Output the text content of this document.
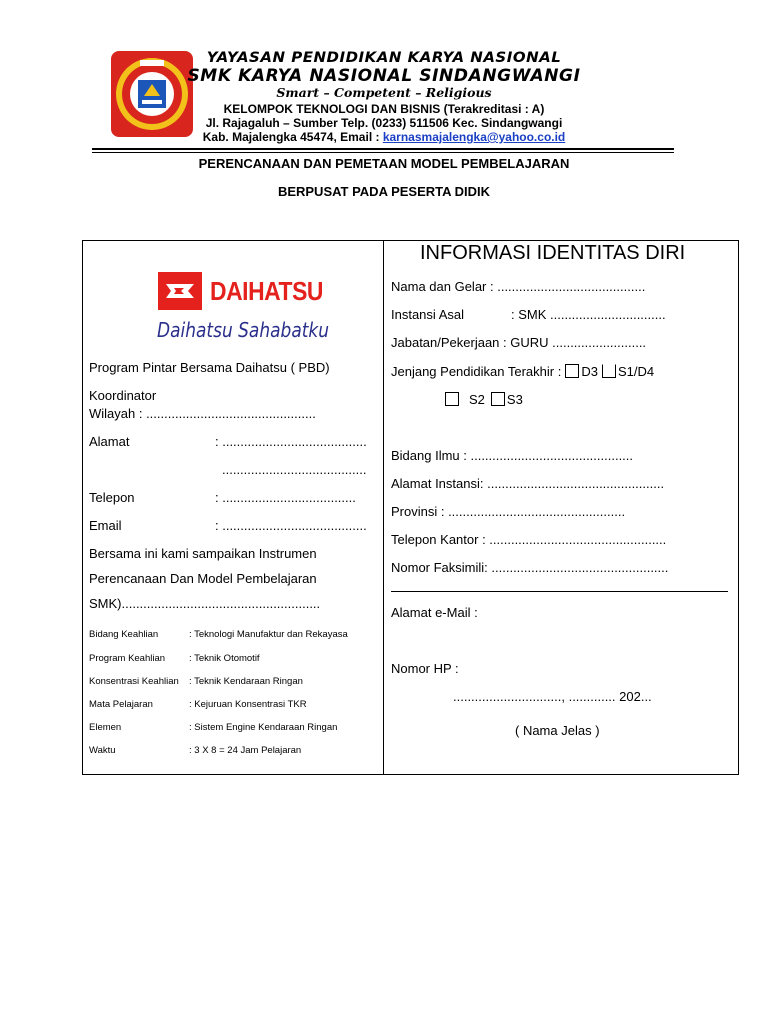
YAYASAN PENDIDIKAN KARYA NASIONAL
SMK KARYA NASIONAL SINDANGWANGI
Smart – Competent – Religious
KELOMPOK TEKNOLOGI DAN BISNIS (Terakreditasi : A)
Jl. Rajagaluh – Sumber Telp. (0233) 511506 Kec. Sindangwangi
Kab. Majalengka 45474, Email : karnasmajalengka@yahoo.co.id
PERENCANAAN DAN PEMETAAN MODEL PEMBELAJARAN
BERPUSAT PADA PESERTA DIDIK
DAIHATSU
Daihatsu Sahabatku
Program Pintar Bersama Daihatsu ( PBD)
Koordinator
Wilayah : ...............................................
Alamat	: ........................................
........................................
Telepon	: .....................................
Email	: ........................................
Bersama ini kami sampaikan Instrumen
Perencanaan Dan Model Pembelajaran
SMK).......................................................
Bidang Keahlian	: Teknologi Manufaktur dan Rekayasa
Program Keahlian	: Teknik Otomotif
Konsentrasi Keahlian : Teknik Kendaraan Ringan
Mata Pelajaran	: Kejuruan Konsentrasi TKR
Elemen	: Sistem Engine Kendaraan Ringan
Waktu	: 3 X 8 = 24 Jam Pelajaran
INFORMASI IDENTITAS DIRI
Nama dan Gelar : .........................................
Instansi Asal	: SMK ................................
Jabatan/Pekerjaan : GURU ..........................
Jenjang Pendidikan Terakhir : D3 S1/D4
S2 S3
Bidang Ilmu : .............................................
Alamat Instansi: .................................................
Provinsi : .................................................
Telepon Kantor : .................................................
Nomor Faksimili: .................................................
Alamat e-Mail :
Nomor HP :
.............................., ............. 202...
( Nama Jelas )
